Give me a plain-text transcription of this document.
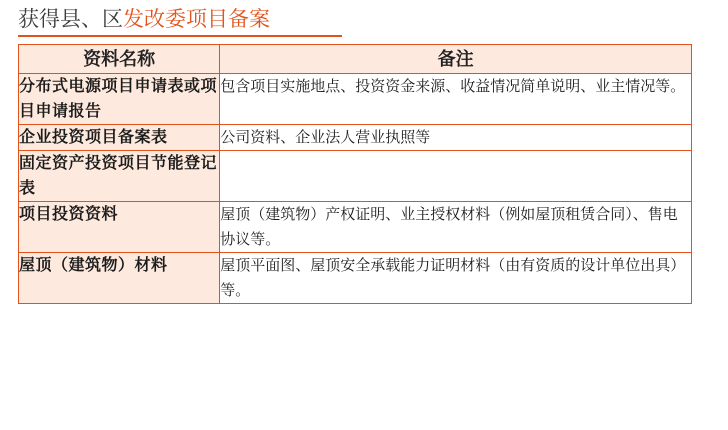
获得县、区发改委项目备案
资料名称	备注
分布式电源项目申请表或项目申请报告	包含项目实施地点、投资资金来源、收益情况简单说明、业主情况等。
企业投资项目备案表	公司资料、企业法人营业执照等
固定资产投资项目节能登记表	
项目投资资料	屋顶（建筑物）产权证明、业主授权材料（例如屋顶租赁合同）、售电协议等。
屋顶（建筑物）材料	屋顶平面图、屋顶安全承载能力证明材料（由有资质的设计单位出具）等。
